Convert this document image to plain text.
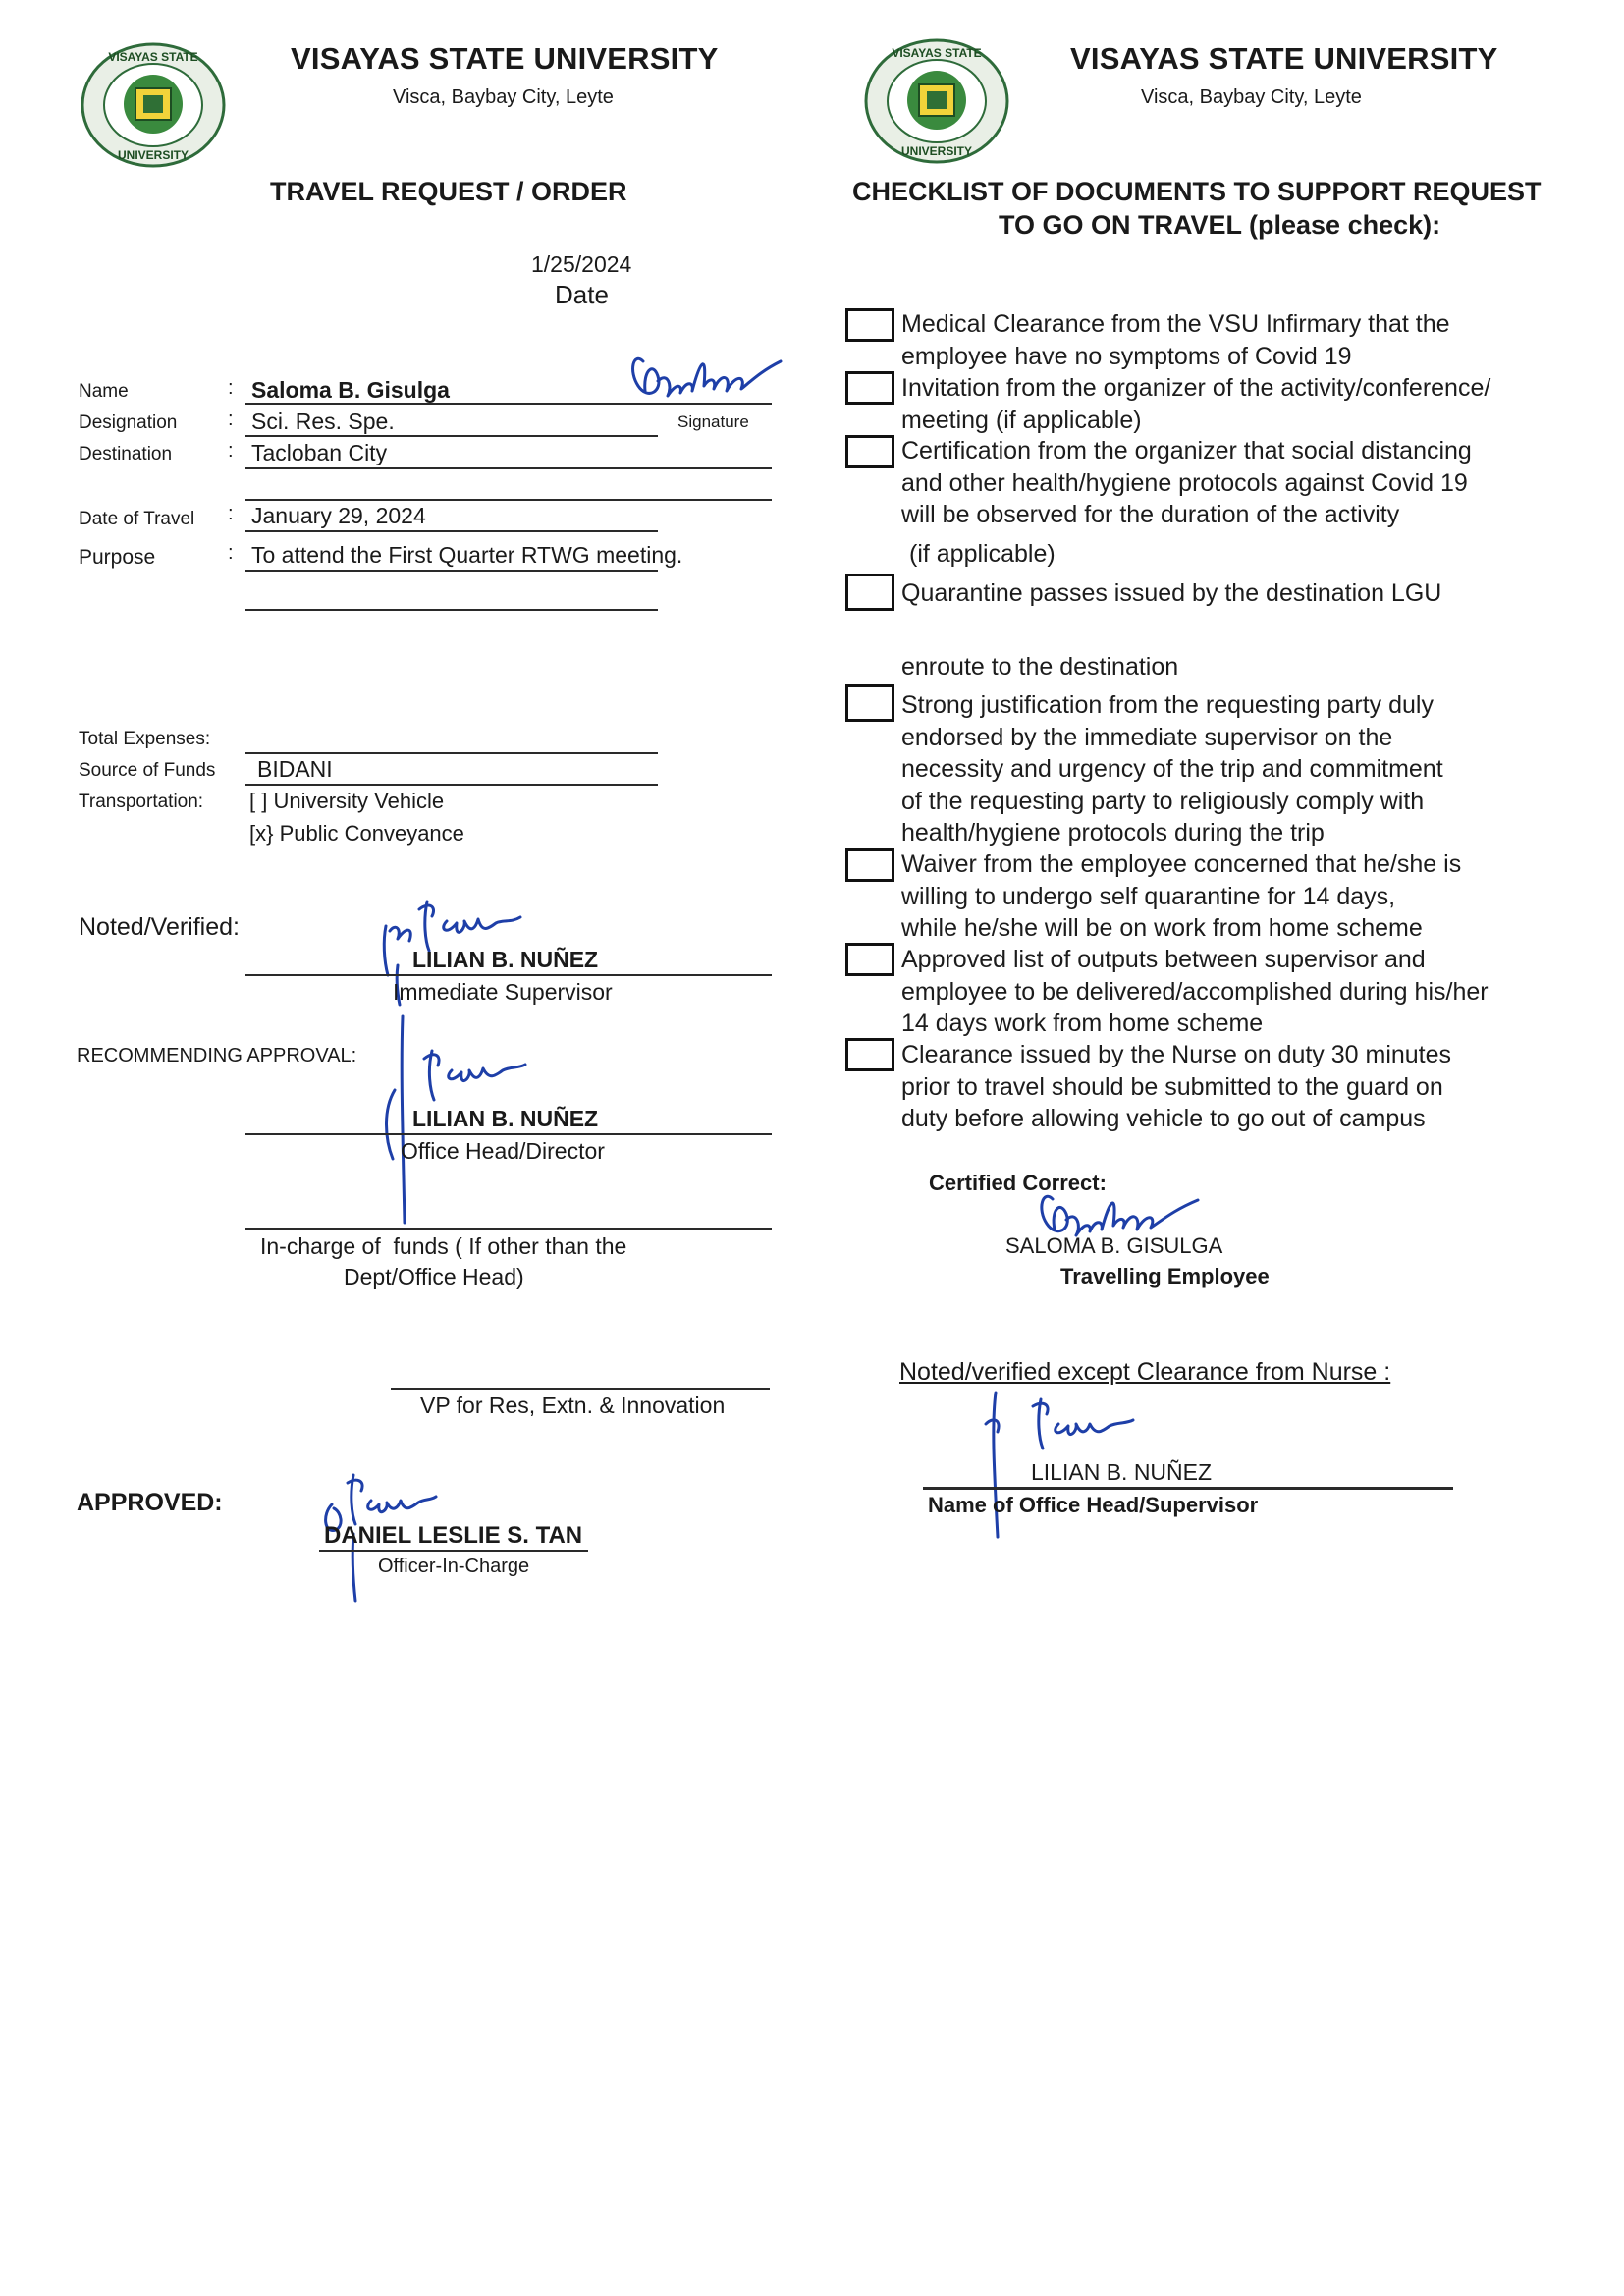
VISAYAS STATE
UNIVERSITY
VISAYAS STATE UNIVERSITY
Visca, Baybay City, Leyte
TRAVEL REQUEST / ORDER
1/25/2024
Date
Name	: Saloma B. Gisulga
Signature
Designation	: Sci. Res. Spe.
Destination	: Tacloban City
Date of Travel : January 29, 2024
Purpose	: To attend the First Quarter RTWG meeting.
Total Expenses:
Source of Funds BIDANI
Transportation: [ ] University Vehicle
[x} Public Conveyance
Noted/Verified:
LILIAN B. NUÑEZ
Immediate Supervisor
RECOMMENDING APPROVAL:
LILIAN B. NUÑEZ
Office Head/Director
In-charge of  funds ( If other than the
Dept/Office Head)
VP for Res, Extn. & Innovation
APPROVED:
DANIEL LESLIE S. TAN
Officer-In-Charge
VISAYAS STATE
UNIVERSITY
VISAYAS STATE UNIVERSITY
Visca, Baybay City, Leyte
CHECKLIST OF DOCUMENTS TO SUPPORT REQUEST
TO GO ON TRAVEL (please check):
Medical Clearance from the VSU Infirmary that the
employee have no symptoms of Covid 19
Invitation from the organizer of the activity/conference/
meeting (if applicable)
Certification from the organizer that social distancing
and other health/hygiene protocols against Covid 19
will be observed for the duration of the activity
(if applicable)
Quarantine passes issued by the destination LGU
enroute to the destination
Strong justification from the requesting party duly
endorsed by the immediate supervisor on the
necessity and urgency of the trip and commitment
of the requesting party to religiously comply with
health/hygiene protocols during the trip
Waiver from the employee concerned that he/she is
willing to undergo self quarantine for 14 days,
while he/she will be on work from home scheme
Approved list of outputs between supervisor and
employee to be delivered/accomplished during his/her
14 days work from home scheme
Clearance issued by the Nurse on duty 30 minutes
prior to travel should be submitted to the guard on
duty before allowing vehicle to go out of campus
Certified Correct:
SALOMA B. GISULGA
Travelling Employee
Noted/verified except Clearance from Nurse :
LILIAN B. NUÑEZ
Name of Office Head/Supervisor
